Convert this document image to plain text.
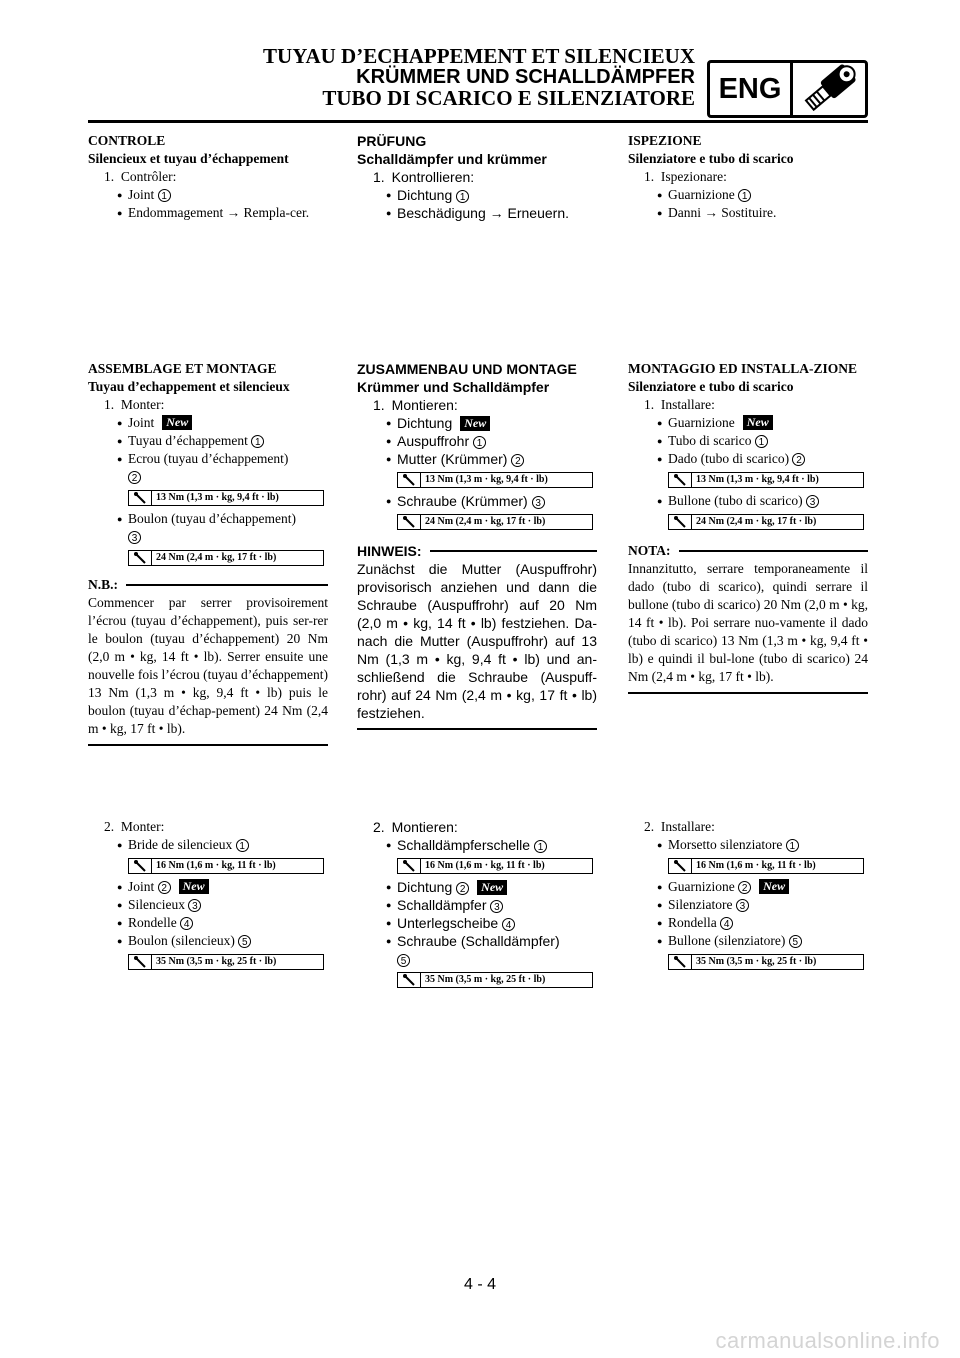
TUYAU D’ECHAPPEMENT ET SILENCIEUX
KRÜMMER UND SCHALLDÄMPFER
TUBO DI SCARICO E SILENZIATORE ENG
CONTROLE
Silencieux et tuyau d’échappement
1. Contrôler:
● Joint 1
● Endommagement → Rempla-cer.
PRÜFUNG
Schalldämpfer und krümmer
1. Kontrollieren:
● Dichtung 1
● Beschädigung → Erneuern.
ISPEZIONE
Silenziatore e tubo di scarico
1. Ispezionare:
● Guarnizione 1
● Danni → Sostituire.
ASSEMBLAGE ET MONTAGE
Tuyau d’echappement et silencieux
1. Monter:
● Joint New
● Tuyau d’échappement 1
● Ecrou (tuyau d’échappement)
2
13 Nm (1,3 m · kg, 9,4 ft · lb)
● Boulon (tuyau d’échappement)
3
24 Nm (2,4 m · kg, 17 ft · lb)
N.B.:
Commencer par serrer provisoirement l’écrou (tuyau d’échappement), puis ser-rer le boulon (tuyau d’échappement) 20 Nm (2,0 m • kg, 14 ft • lb). Serrer ensuite une nouvelle fois l’écrou (tuyau d’échappement) 13 Nm (1,3 m • kg, 9,4 ft • lb) puis le boulon (tuyau d’échap-pement) 24 Nm (2,4 m • kg, 17 ft • lb).
ZUSAMMENBAU UND MONTAGE
Krümmer und Schalldämpfer
1. Montieren:
● Dichtung New
● Auspuffrohr 1
● Mutter (Krümmer) 2
13 Nm (1,3 m · kg, 9,4 ft · lb)
● Schraube (Krümmer) 3
24 Nm (2,4 m · kg, 17 ft · lb)
HINWEIS:
Zunächst die Mutter (Auspuffrohr) provisorisch anziehen und dann die Schraube (Auspuffrohr) auf 20 Nm (2,0 m • kg, 14 ft • lb) festziehen. Da-nach die Mutter (Auspuffrohr) auf 13 Nm (1,3 m • kg, 9,4 ft • lb) und an-schließend die Schraube (Auspuff-rohr) auf 24 Nm (2,4 m • kg, 17 ft • lb) festziehen.
MONTAGGIO ED INSTALLA-ZIONE
Silenziatore e tubo di scarico
1. Installare:
● Guarnizione New
● Tubo di scarico 1
● Dado (tubo di scarico) 2
13 Nm (1,3 m · kg, 9,4 ft · lb)
● Bullone (tubo di scarico) 3
24 Nm (2,4 m · kg, 17 ft · lb)
NOTA:
Innanzitutto, serrare temporaneamente il dado (tubo di scarico), quindi serrare il bullone (tubo di scarico) 20 Nm (2,0 m • kg, 14 ft • lb). Poi serrare nuo-vamente il dado (tubo di scarico) 13 Nm (1,3 m • kg, 9,4 ft • lb) e quindi il bul-lone (tubo di scarico) 24 Nm (2,4 m • kg, 17 ft • lb).
2. Monter:
● Bride de silencieux 1
16 Nm (1,6 m · kg, 11 ft · lb)
● Joint 2 New
● Silencieux 3
● Rondelle 4
● Boulon (silencieux) 5
35 Nm (3,5 m · kg, 25 ft · lb)
2. Montieren:
● Schalldämpferschelle 1
16 Nm (1,6 m · kg, 11 ft · lb)
● Dichtung 2 New
● Schalldämpfer 3
● Unterlegscheibe 4
● Schraube (Schalldämpfer)
5
35 Nm (3,5 m · kg, 25 ft · lb)
2. Installare:
● Morsetto silenziatore 1
16 Nm (1,6 m · kg, 11 ft · lb)
● Guarnizione 2 New
● Silenziatore 3
● Rondella 4
● Bullone (silenziatore) 5
35 Nm (3,5 m · kg, 25 ft · lb)
4 - 4
carmanualsonline.info
